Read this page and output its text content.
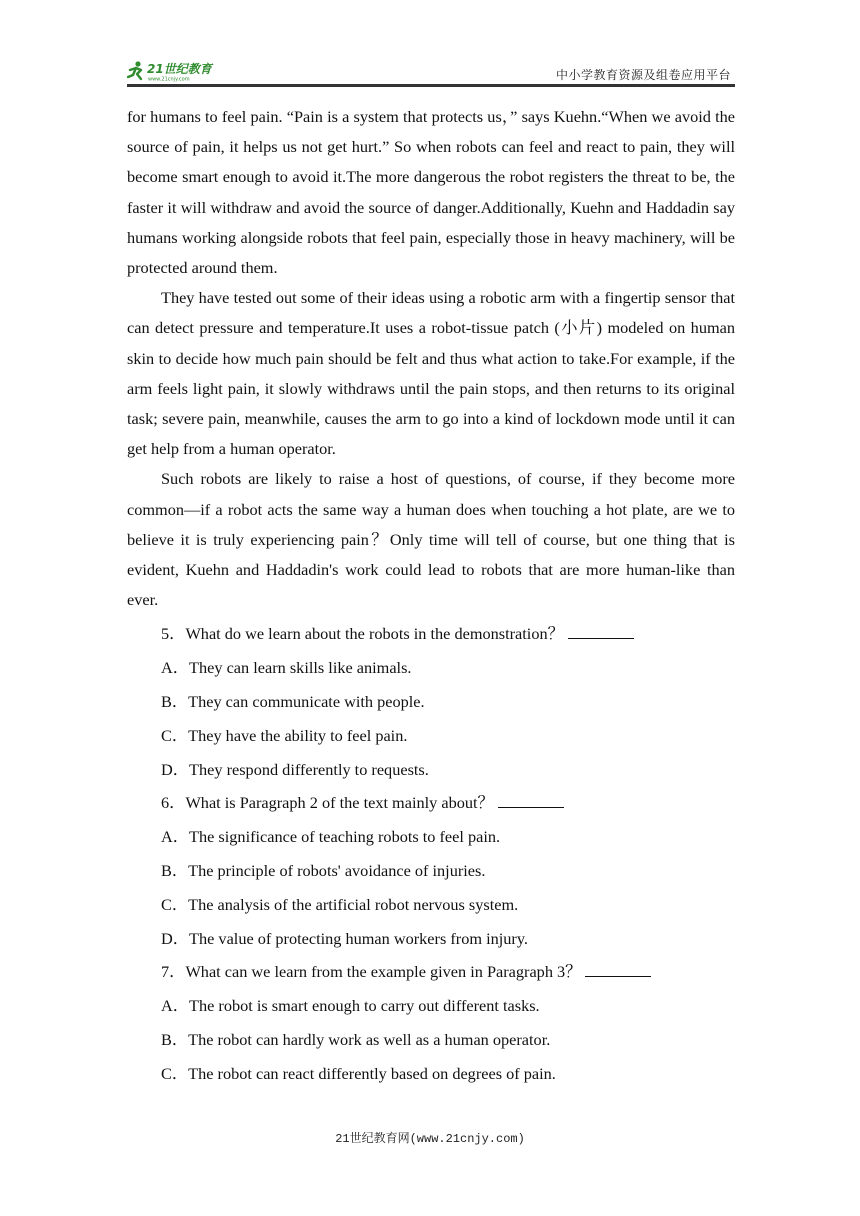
21世纪教育
www.21cnjy.com	中小学教育资源及组卷应用平台

for humans to feel pain. “Pain is a system that protects us，” says Kuehn.“When we avoid the source of pain, it helps us not get hurt.” So when robots can feel and react to pain, they will become smart enough to avoid it.The more dangerous the robot registers the threat to be, the faster it will withdraw and avoid the source of danger.Additionally, Kuehn and Haddadin say humans working alongside robots that feel pain, especially those in heavy machinery, will be protected around them.

They have tested out some of their ideas using a robotic arm with a fingertip sensor that can detect pressure and temperature.It uses a robot-tissue patch (小片) modeled on human skin to decide how much pain should be felt and thus what action to take.For example, if the arm feels light pain, it slowly withdraws until the pain stops, and then returns to its original task; severe pain, meanwhile, causes the arm to go into a kind of lockdown mode until it can get help from a human operator.

Such robots are likely to raise a host of questions, of course, if they become more common—if a robot acts the same way a human does when touching a hot plate, are we to believe it is truly experiencing pain？Only time will tell of course, but one thing that is evident, Kuehn and Haddadin's work could lead to robots that are more human-like than ever.

5．What do we learn about the robots in the demonstration？

A．They can learn skills like animals.

B．They can communicate with people.

C．They have the ability to feel pain.

D．They respond differently to requests.

6．What is Paragraph 2 of the text mainly about？

A．The significance of teaching robots to feel pain.

B．The principle of robots' avoidance of injuries.

C．The analysis of the artificial robot nervous system.

D．The value of protecting human workers from injury.

7．What can we learn from the example given in Paragraph 3？

A．The robot is smart enough to carry out different tasks.

B．The robot can hardly work as well as a human operator.

C．The robot can react differently based on degrees of pain.

21世纪教育网(www.21cnjy.com)
